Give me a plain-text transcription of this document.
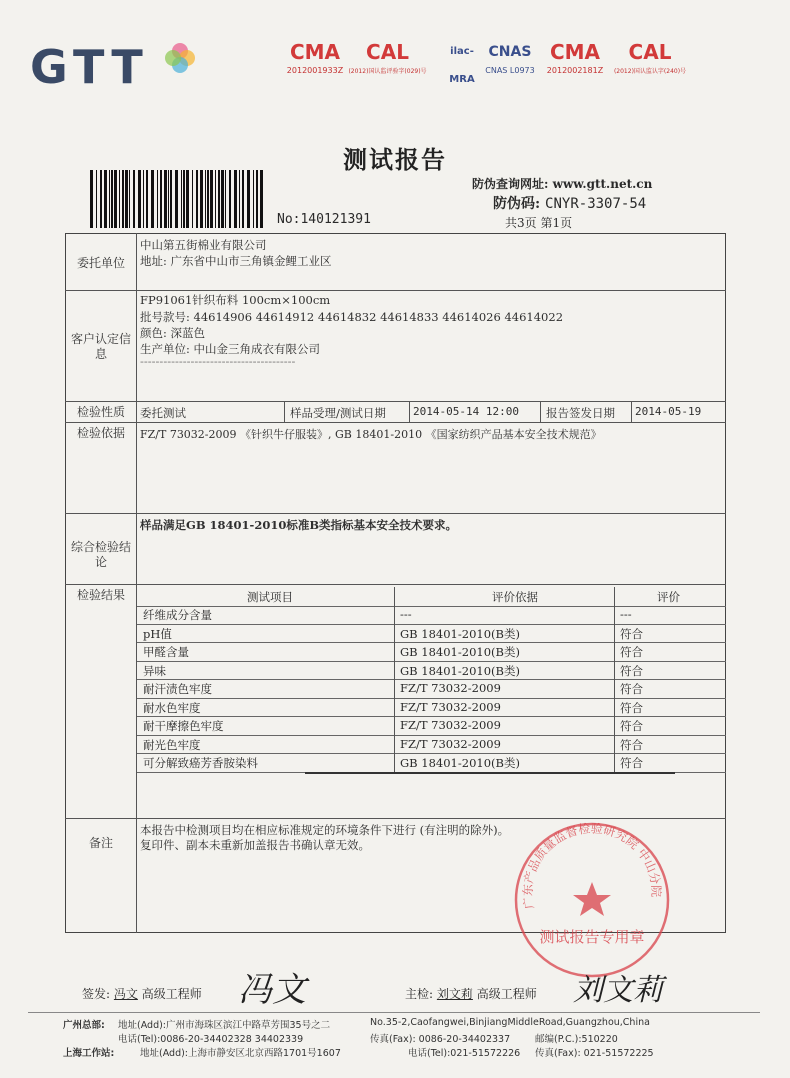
GTT	CMA
2012001933Z
CAL
(2012)国认监评验字(029)号
ilac-MRA
CNAS
CNAS L0973
CMA
2012002181Z
CAL
(2012)国认监认字(240)号
测试报告
No:140121391
防伪查询网址: www.gtt.net.cn
防伪码: CNYR-3307-54
共3页 第1页
委托单位
中山第五街棉业有限公司
地址: 广东省中山市三角镇金鲤工业区
客户认定信息
FP91061针织布料 100cm×100cm
批号款号: 44614906 44614912 44614832 44614833 44614026 44614022
颜色: 深蓝色
生产单位: 中山金三角成衣有限公司
----------------------------------------
检验性质	委托测试	样品受理/测试日期 2014-05-14 12:00 报告签发日期 2014-05-19
检验依据	FZ/T 73032-2009 《针织牛仔服装》, GB 18401-2010 《国家纺织产品基本安全技术规范》
综合检验结论
样品满足GB 18401-2010标准B类指标基本安全技术要求。
检验结果	测试项目	评价依据	评价
纤维成分含量	---	---
pH值	GB 18401-2010(B类)	符合
甲醛含量	GB 18401-2010(B类)	符合
异味	GB 18401-2010(B类)	符合
耐汗渍色牢度	FZ/T 73032-2009	符合
耐水色牢度	FZ/T 73032-2009	符合
耐干摩擦色牢度	FZ/T 73032-2009	符合
耐光色牢度	FZ/T 73032-2009	符合
可分解致癌芳香胺染料	GB 18401-2010(B类)	符合
备注
本报告中检测项目均在相应标准规定的环境条件下进行 (有注明的除外)。
复印件、副本未重新加盖报告书确认章无效。
广东产品质量监督检验研究院 中山分院
测试报告专用章
签发: 冯文 高级工程师 冯文	主检: 刘文莉 高级工程师 刘文莉
广州总部: 地址(Add):广州市海珠区滨江中路草芳围35号之二	No.35-2,Caofangwei,BinjiangMiddleRoad,Guangzhou,China
电话(Tel):0086-20-34402328 34402339	传真(Fax): 0086-20-34402337	邮编(P.C.):510220
上海工作站:	地址(Add):上海市静安区北京西路1701号1607	电话(Tel):021-51572226 传真(Fax): 021-51572225
